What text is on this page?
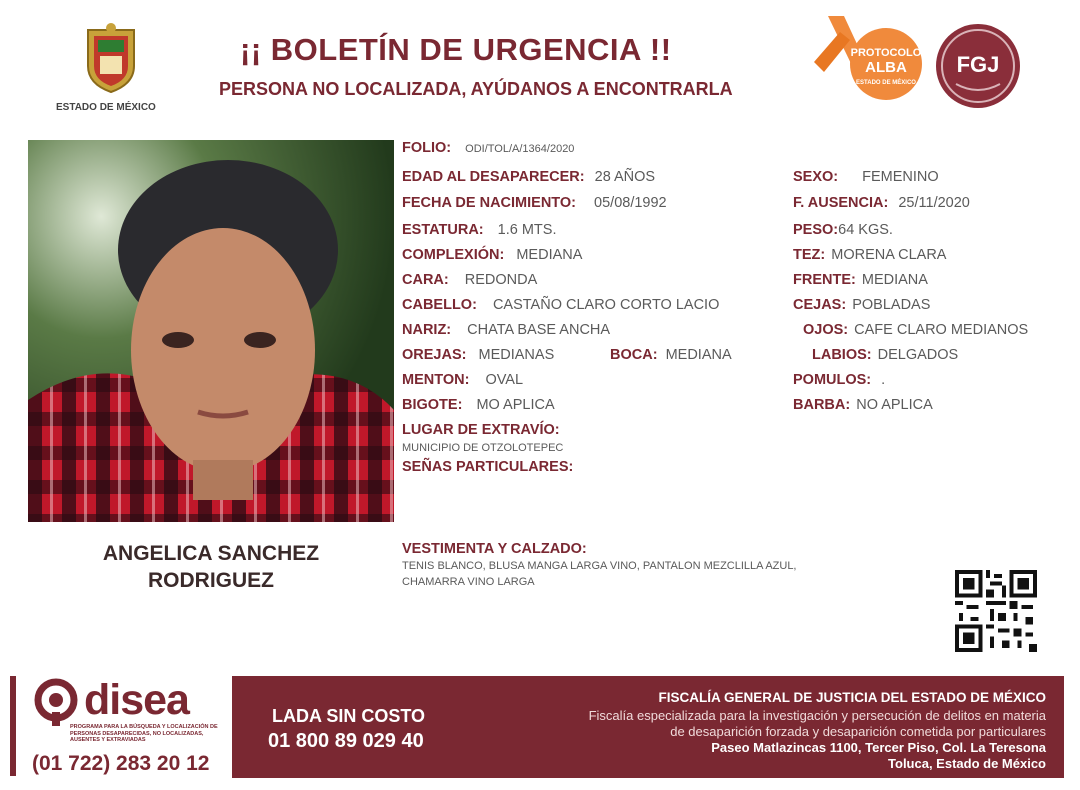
ESTADO DE MÉXICO
¡¡ BOLETÍN DE URGENCIA !!
PERSONA NO LOCALIZADA, AYÚDANOS A ENCONTRARLA
PROTOCOLO
ALBA
ESTADO DE MÉXICO
FGJ
ANGELICA SANCHEZ
RODRIGUEZ
FOLIO: ODI/TOL/A/1364/2020
EDAD AL DESAPARECER: 28 AÑOS
FECHA DE NACIMIENTO: 05/08/1992
ESTATURA: 1.6 MTS.
COMPLEXIÓN: MEDIANA
CARA: REDONDA
CABELLO: CASTAÑO CLARO CORTO LACIO
NARIZ: CHATA BASE ANCHA
OREJAS: MEDIANAS	BOCA: MEDIANA
MENTON: OVAL
BIGOTE: MO APLICA
LUGAR DE EXTRAVÍO:
MUNICIPIO DE OTZOLOTEPEC
SEÑAS PARTICULARES:
SEXO: FEMENINO
F. AUSENCIA: 25/11/2020
PESO:64 KGS.
TEZ: MORENA CLARA
FRENTE: MEDIANA
CEJAS: POBLADAS
OJOS: CAFE CLARO MEDIANOS
LABIOS: DELGADOS
POMULOS: .
BARBA: NO APLICA
VESTIMENTA Y CALZADO:
TENIS BLANCO, BLUSA MANGA LARGA VINO, PANTALON MEZCLILLA AZUL,
CHAMARRA VINO LARGA
disea
PROGRAMA PARA LA BÚSQUEDA Y LOCALIZACIÓN DE PERSONAS DESAPARECIDAS, NO LOCALIZADAS, AUSENTES Y EXTRAVIADAS
(01 722) 283 20 12
LADA SIN COSTO
01 800 89 029 40
FISCALÍA GENERAL DE JUSTICIA DEL ESTADO DE MÉXICO
Fiscalía especializada para la investigación y persecución de delitos en materia
de desaparición forzada y desaparición cometida por particulares
Paseo Matlazincas 1100, Tercer Piso, Col. La Teresona
Toluca, Estado de México
